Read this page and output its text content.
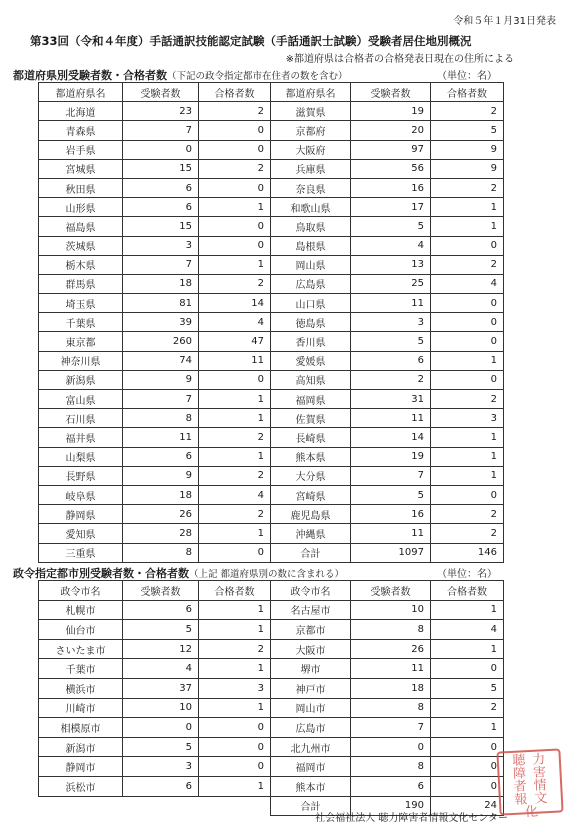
令和５年１月31日発表
第33回（令和４年度）手話通訳技能認定試験（手話通訳士試験）受験者居住地別概況
※都道府県は合格者の合格発表日現在の住所による
都道府県別受験者数・合格者数（下記の政令指定都市在住者の数を含む）	（単位：名）
都道府県名	受験者数	合格者数	都道府県名	受験者数	合格者数
北海道	23	2	滋賀県	19	2
青森県	7	0	京都府	20	5
岩手県	0	0	大阪府	97	9
宮城県	15	2	兵庫県	56	9
秋田県	6	0	奈良県	16	2
山形県	6	1	和歌山県	17	1
福島県	15	0	鳥取県	5	1
茨城県	3	0	島根県	4	0
栃木県	7	1	岡山県	13	2
群馬県	18	2	広島県	25	4
埼玉県	81	14	山口県	11	0
千葉県	39	4	徳島県	3	0
東京都	260	47	香川県	5	0
神奈川県	74	11	愛媛県	6	1
新潟県	9	0	高知県	2	0
富山県	7	1	福岡県	31	2
石川県	8	1	佐賀県	11	3
福井県	11	2	長崎県	14	1
山梨県	6	1	熊本県	19	1
長野県	9	2	大分県	7	1
岐阜県	18	4	宮崎県	5	0
静岡県	26	2	鹿児島県	16	2
愛知県	28	1	沖縄県	11	2
三重県	8	0	合計	1097	146
政令指定都市別受験者数・合格者数（上記 都道府県別の数に含まれる）	（単位：名）
政令市名	受験者数	合格者数	政令市名	受験者数	合格者数
札幌市	6	1	名古屋市	10	1
仙台市	5	1	京都市	8	4
さいたま市	12	2	大阪市	26	1
千葉市	4	1	堺市	11	0
横浜市	37	3	神戸市	18	5
川崎市	10	1	岡山市	8	2
相模原市	0	0	広島市	7	1
新潟市	5	0	北九州市	0	0
静岡市	3	0	福岡市	8	0
浜松市	6	1	熊本市	6	0
			合計	190	24
社会福祉法人 聴力障害者情報文化センター
聴 力
障 害
者 情
報 文
化
